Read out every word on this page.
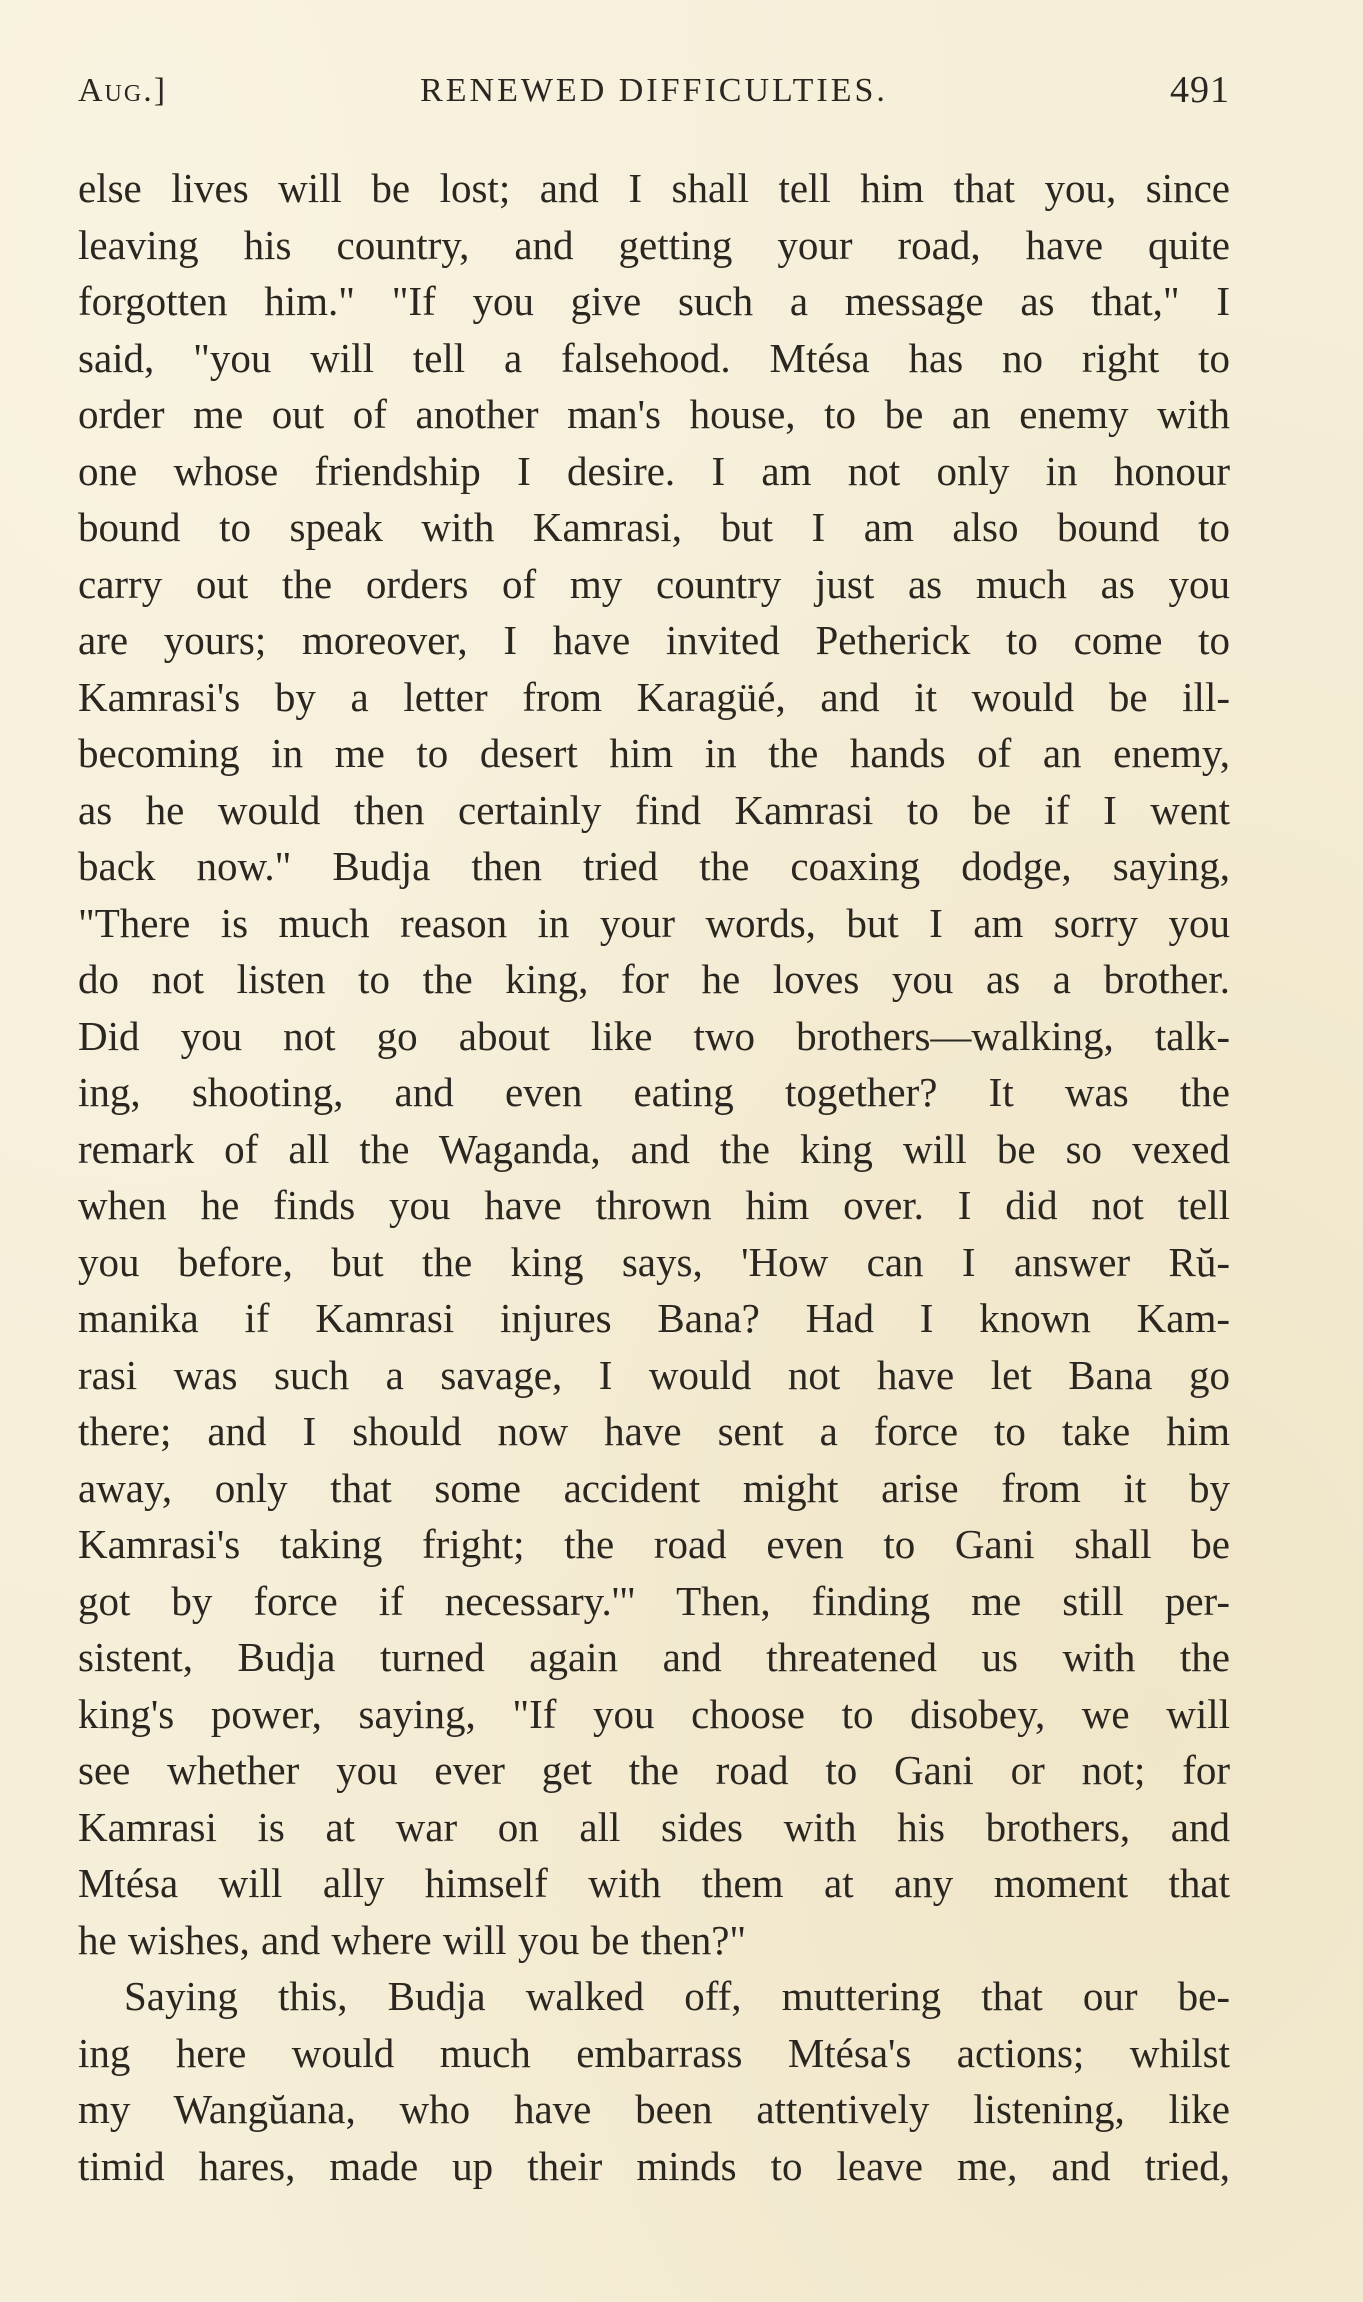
Aug.]	RENEWED DIFFICULTIES.	491
else lives will be lost; and I shall tell him that you, since
leaving his country, and getting your road, have quite
forgotten him." "If you give such a message as that," I
said, "you will tell a falsehood. Mtésa has no right to
order me out of another man's house, to be an enemy with
one whose friendship I desire. I am not only in honour
bound to speak with Kamrasi, but I am also bound to
carry out the orders of my country just as much as you
are yours; moreover, I have invited Petherick to come to
Kamrasi's by a letter from Karagüé, and it would be ill-
becoming in me to desert him in the hands of an enemy,
as he would then certainly find Kamrasi to be if I went
back now." Budja then tried the coaxing dodge, saying,
"There is much reason in your words, but I am sorry you
do not listen to the king, for he loves you as a brother.
Did you not go about like two brothers—walking, talk-
ing, shooting, and even eating together? It was the
remark of all the Waganda, and the king will be so vexed
when he finds you have thrown him over. I did not tell
you before, but the king says, 'How can I answer Rŭ-
manika if Kamrasi injures Bana? Had I known Kam-
rasi was such a savage, I would not have let Bana go
there; and I should now have sent a force to take him
away, only that some accident might arise from it by
Kamrasi's taking fright; the road even to Gani shall be
got by force if necessary.'" Then, finding me still per-
sistent, Budja turned again and threatened us with the
king's power, saying, "If you choose to disobey, we will
see whether you ever get the road to Gani or not; for
Kamrasi is at war on all sides with his brothers, and
Mtésa will ally himself with them at any moment that
he wishes, and where will you be then?"
Saying this, Budja walked off, muttering that our be-
ing here would much embarrass Mtésa's actions; whilst
my Wangŭana, who have been attentively listening, like
timid hares, made up their minds to leave me, and tried,
